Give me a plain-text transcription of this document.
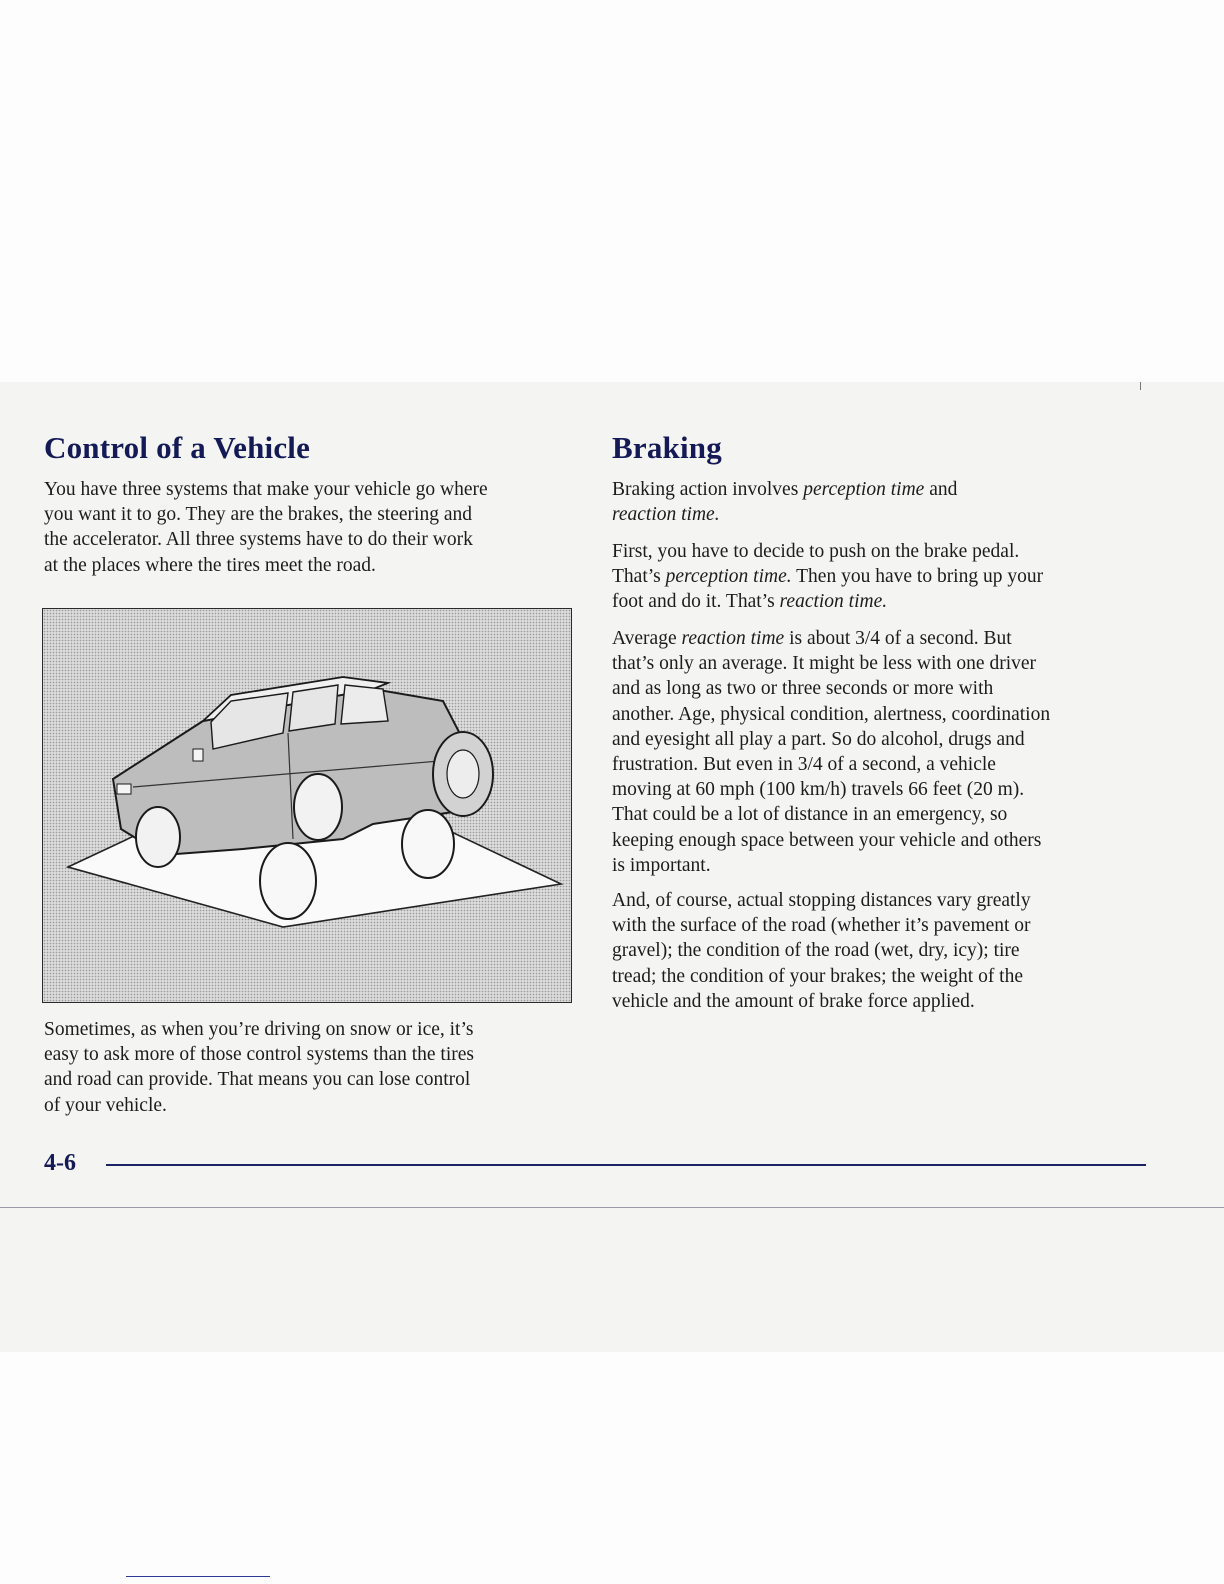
Control of a Vehicle
You have three systems that make your vehicle go where
you want it to go. They are the brakes, the steering and
the accelerator. All three systems have to do their work
at the places where the tires meet the road.
Sometimes, as when you’re driving on snow or ice, it’s
easy to ask more of those control systems than the tires
and road can provide. That means you can lose control
of your vehicle.
Braking
Braking action involves perception time and
reaction time.
First, you have to decide to push on the brake pedal.
That’s perception time. Then you have to bring up your
foot and do it. That’s reaction time.
Average reaction time is about 3/4 of a second. But
that’s only an average. It might be less with one driver
and as long as two or three seconds or more with
another. Age, physical condition, alertness, coordination
and eyesight all play a part. So do alcohol, drugs and
frustration. But even in 3/4 of a second, a vehicle
moving at 60 mph (100 km/h) travels 66 feet (20 m).
That could be a lot of distance in an emergency, so
keeping enough space between your vehicle and others
is important.
And, of course, actual stopping distances vary greatly
with the surface of the road (whether it’s pavement or
gravel); the condition of the road (wet, dry, icy); tire
tread; the condition of your brakes; the weight of the
vehicle and the amount of brake force applied.
4-6
